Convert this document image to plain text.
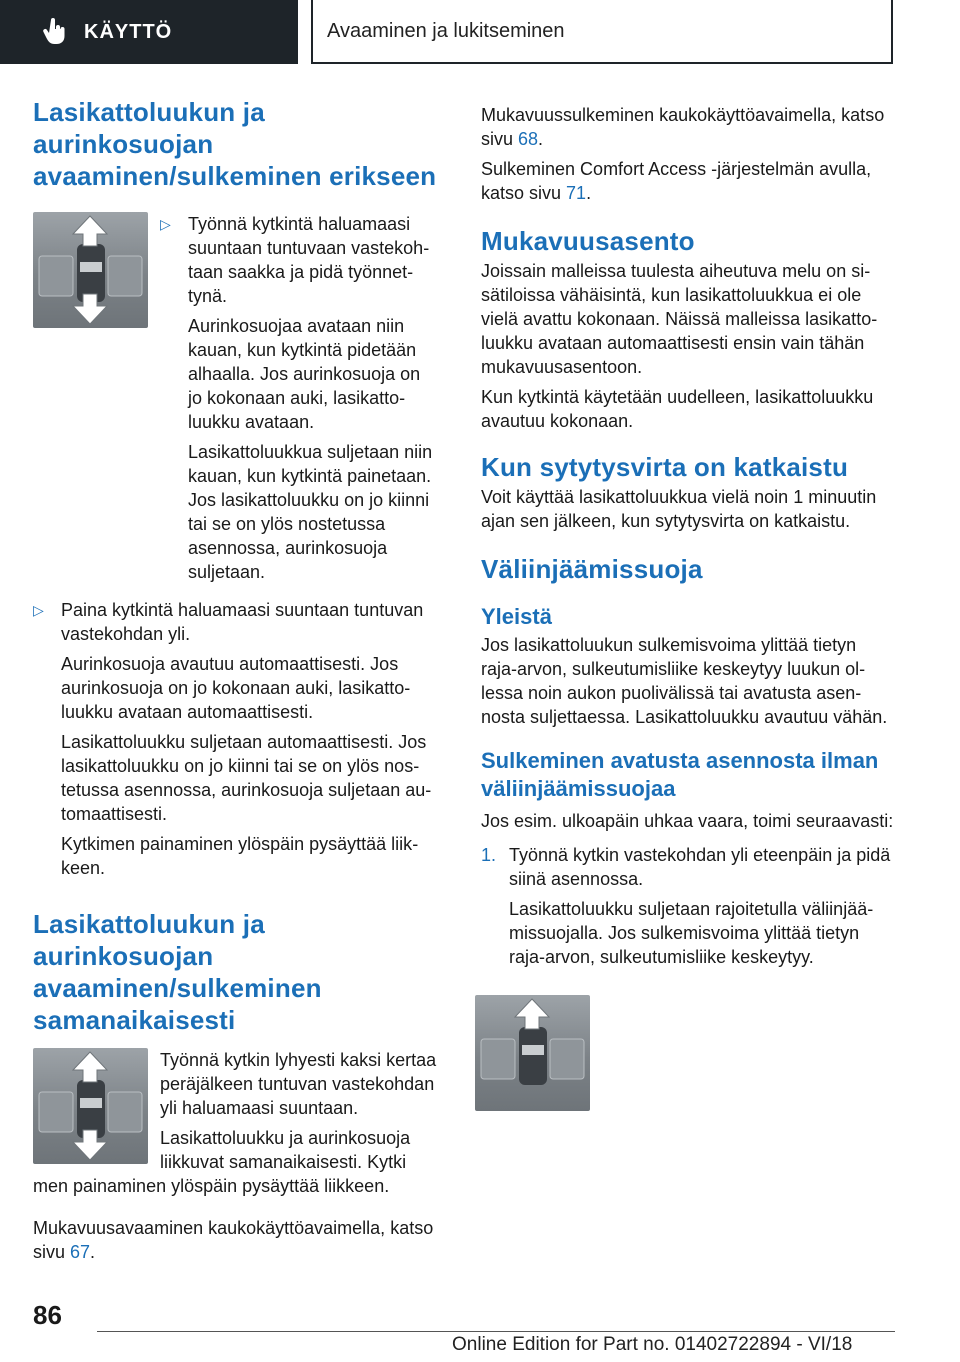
KÄYTTÖ	Avaaminen ja lukitseminen
Lasikattoluukun ja aurinkosuojan avaaminen/sulkeminen erikseen
▷ Työnnä kytkintä haluamaasi suuntaan tuntuvaan vastekohtaan saakka ja pidä työnnettynä.

Aurinkosuojaa avataan niin kauan, kun kytkintä pidetään alhaalla. Jos aurinkosuoja on jo kokonaan auki, lasikattoluukku avataan.

Lasikattoluukkua suljetaan niin kauan, kun kytkintä painetaan. Jos lasikattoluukku on jo kiinni tai se on ylös nostetussa asennossa, aurinkosuoja suljetaan.

▷ Paina kytkintä haluamaasi suuntaan tuntuvan vastekohdan yli.

Aurinkosuoja avautuu automaattisesti. Jos aurinkosuoja on jo kokonaan auki, lasikattoluukku avataan automaattisesti.

Lasikattoluukku suljetaan automaattisesti. Jos lasikattoluukku on jo kiinni tai se on ylös nostetussa asennossa, aurinkosuoja suljetaan automaattisesti.

Kytkimen painaminen ylöspäin pysäyttää liikkeen.

Lasikattoluukun ja aurinkosuojan avaaminen/sulkeminen samanaikaisesti

Työnnä kytkin lyhyesti kaksi kertaa peräjälkeen tuntuvan vastekohdan yli haluamaasi suuntaan.

Lasikattoluukku ja aurinkosuoja liikkuvat samanaikaisesti. Kytki

men painaminen ylöspäin pysäyttää liikkeen.

Mukavuusavaaminen kaukokäyttöavaimella, katso sivu 67.

Mukavuussulkeminen kaukokäyttöavaimella, katso sivu 68.

Sulkeminen Comfort Access -järjestelmän avulla, katso sivu 71.

Mukavuusasento

Joissain malleissa tuulesta aiheutuva melu on sisätiloissa vähäisintä, kun lasikattoluukkua ei ole vielä avattu kokonaan. Näissä malleissa lasikattoluukku avataan automaattisesti ensin vain tähän mukavuusasentoon.

Kun kytkintä käytetään uudelleen, lasikattoluukku avautuu kokonaan.

Kun sytytysvirta on katkaistu

Voit käyttää lasikattoluukkua vielä noin 1 minuutin ajan sen jälkeen, kun sytytysvirta on katkaistu.

Väliinjäämissuoja
Yleistä

Jos lasikattoluukun sulkemisvoima ylittää tietyn raja-arvon, sulkeutumisliike keskeytyy luukun ollessa noin aukon puolivälissä tai avatusta asennosta suljettaessa. Lasikattoluukku avautuu vähän.

Sulkeminen avatusta asennosta ilman väliinjäämissuojaa

Jos esim. ulkoapäin uhkaa vaara, toimi seuraavasti:

1. Työnnä kytkin vastekohdan yli eteenpäin ja pidä siinä asennossa.

Lasikattoluukku suljetaan rajoitetulla väliinjäämissuojalla. Jos sulkemisvoima ylittää tietyn raja-arvon, sulkeutumisliike keskeytyy.

86
Online Edition for Part no. 01402722894 - VI/18
